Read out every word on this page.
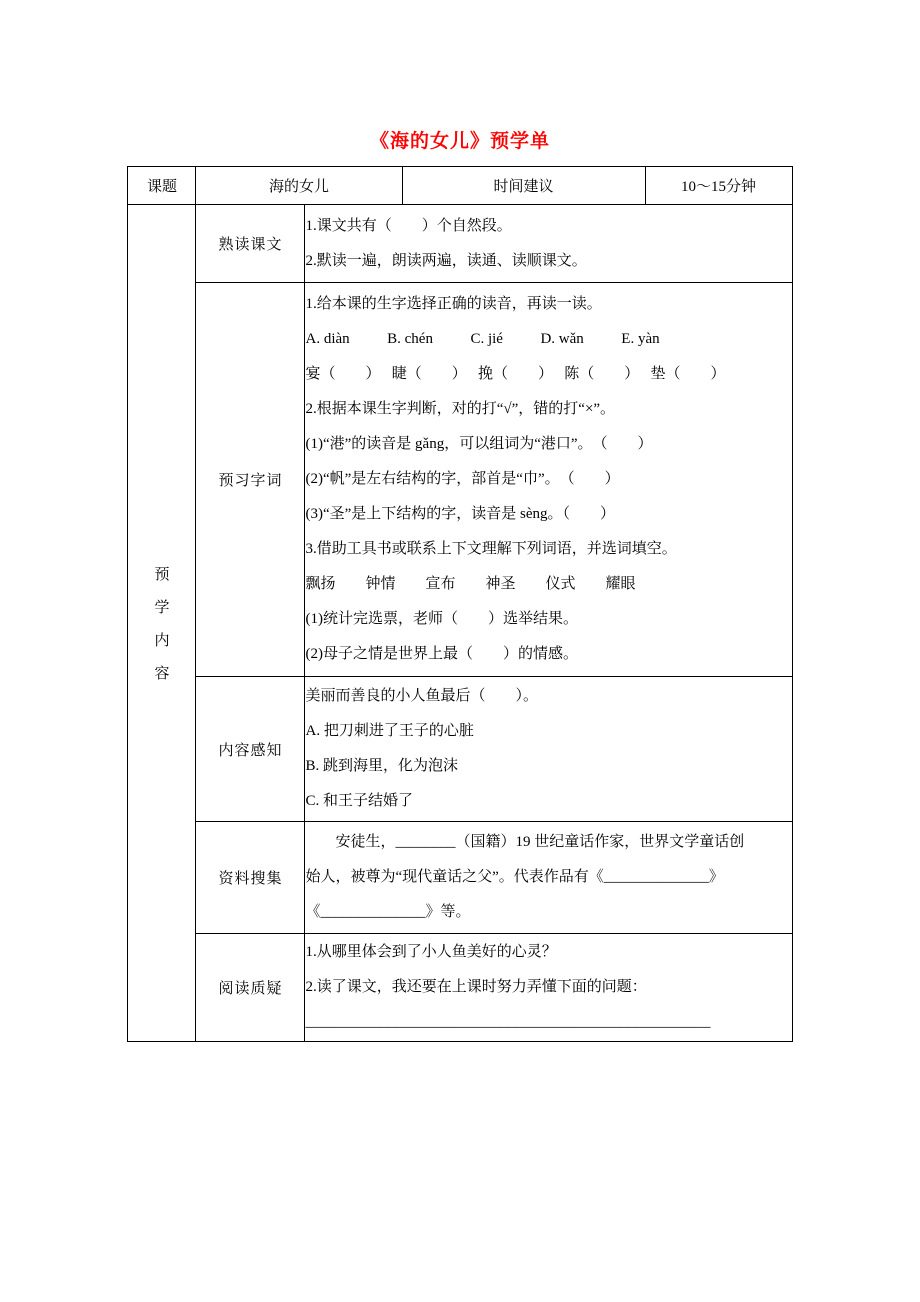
《海的女儿》预学单
课题	海的女儿		时间建议	10～15分钟

预
学
内
容
	熟读课文	
1.课文共有（　　）个自然段。
2.默读一遍，朗读两遍，读通、读顺课文。

预习字词	
1.给本课的生字选择正确的读音，再读一读。
A. diàn　　  B. chén　　  C. jié　　  D. wǎn　　  E. yàn
宴（　　）　 睫（　　）　 挽（　　）　 陈（　　）　 垫（　　）
2.根据本课生字判断，对的打“√”，错的打“×”。
(1)“港”的读音是 gǎng，可以组词为“港口”。　（　　）
(2)“帆”是左右结构的字，部首是“巾”。　（　　）
(3)“圣”是上下结构的字，读音是 sèng。（　　）
3.借助工具书或联系上下文理解下列词语，并选词填空。
飘扬　　钟情　　宣布　　神圣　　仪式　　耀眼
(1)统计完选票，老师（　　）选举结果。
(2)母子之情是世界上最（　　）的情感。

	内容感知	美丽而善良的小人鱼最后（　　）。
A. 把刀刺进了王子的心脏
B. 跳到海里，化为泡沫
C. 和王子结婚了		

	资料搜集	　　安徒生，________（国籍）19 世纪童话作家，世界文学童话创
始人，被尊为“现代童话之父”。代表作品有《______________》
《______________》等。		

	阅读质疑	1.从哪里体会到了小人鱼美好的心灵？
2.读了课文，我还要在上课时努力弄懂下面的问题：
______________________________________________________		
